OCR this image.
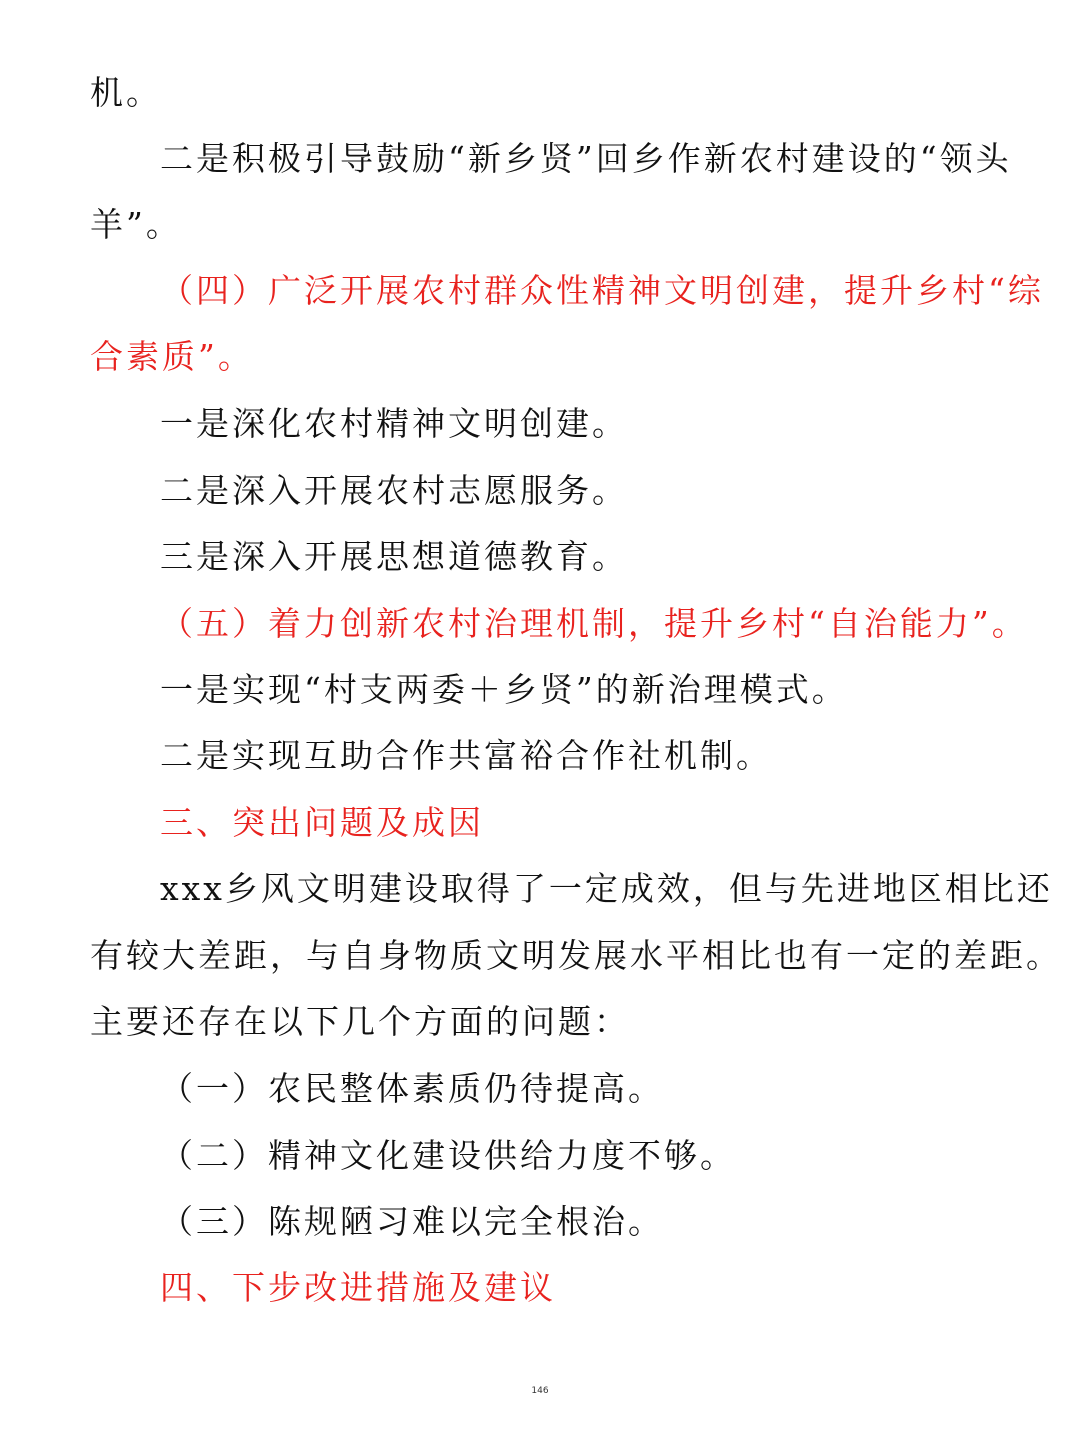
机。
二是积极引导鼓励“新乡贤”回乡作新农村建设的“领头
羊”。
（四）广泛开展农村群众性精神文明创建，提升乡村“综
合素质”。
一是深化农村精神文明创建。
二是深入开展农村志愿服务。
三是深入开展思想道德教育。
（五）着力创新农村治理机制，提升乡村“自治能力”。
一是实现“村支两委＋乡贤”的新治理模式。
二是实现互助合作共富裕合作社机制。
三、突出问题及成因
xxx乡风文明建设取得了一定成效，但与先进地区相比还
有较大差距，与自身物质文明发展水平相比也有一定的差距。
主要还存在以下几个方面的问题：
（一）农民整体素质仍待提高。
（二）精神文化建设供给力度不够。
（三）陈规陋习难以完全根治。
四、下步改进措施及建议
146
